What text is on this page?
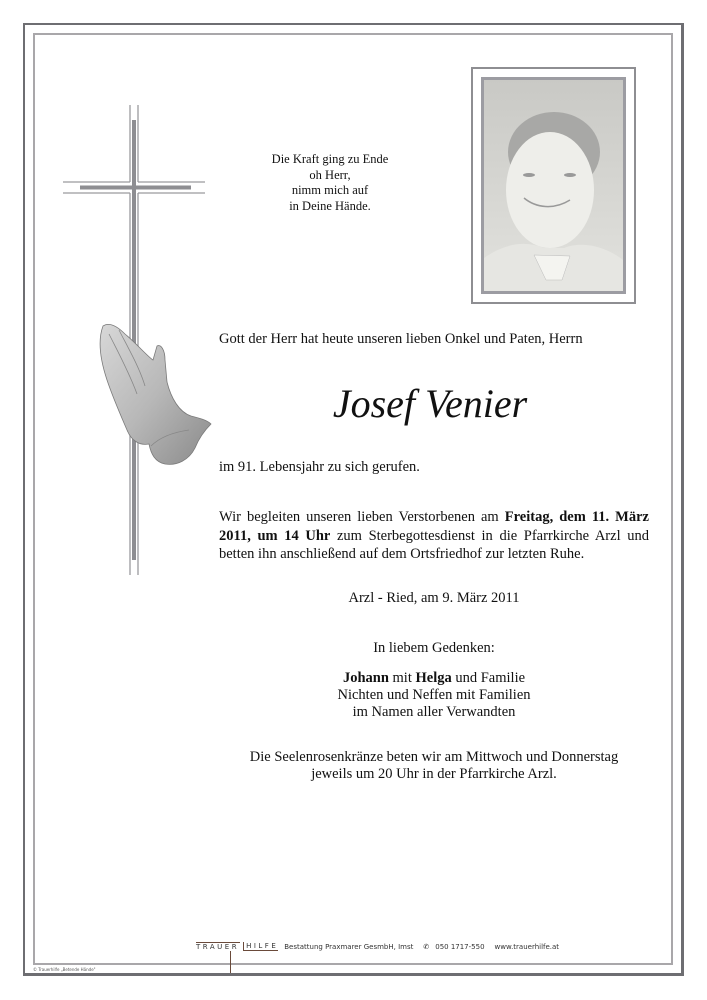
Die Kraft ging zu Ende
oh Herr,
nimm mich auf
in Deine Hände.
Gott der Herr hat heute unseren lieben Onkel und Paten, Herrn
Josef Venier
im 91. Lebensjahr zu sich gerufen.

Wir begleiten unseren lieben Verstorbenen am Freitag, dem 11. März

2011, um 14 Uhr zum Sterbegottesdienst in die Pfarrkirche Arzl und

betten ihn anschließend auf dem Ortsfriedhof zur letzten Ruhe.

Arzl - Ried, am 9. März 2011
In liebem Gedenken:
Johann mit Helga und Familie
Nichten und Neffen mit Familien
im Namen aller Verwandten
Die Seelenrosenkränze beten wir am Mittwoch und Donnerstag
jeweils um 20 Uhr in der Pfarrkirche Arzl.
TRAUER	HILFE Bestattung Praxmarer GesmbH, Imst ✆ 050 1717-550 www.trauerhilfe.at
© Trauerhilfe „Betende Hände"
